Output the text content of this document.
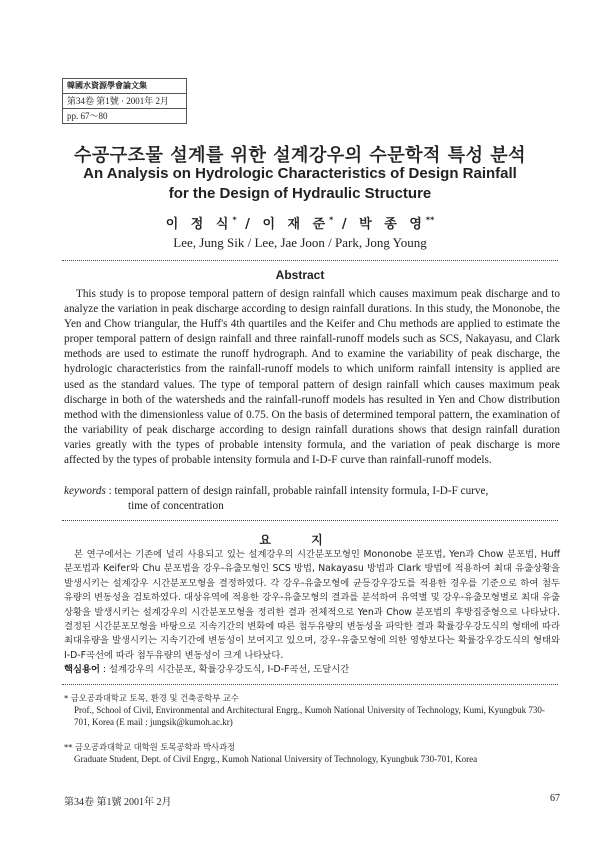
韓國水資源學會論文集
第34卷 第1號 · 2001年 2月
pp. 67～80
수공구조물 설계를 위한 설계강우의 수문학적 특성 분석
An Analysis on Hydrologic Characteristics of Design Rainfall
for the Design of Hydraulic Structure
이 정 식* / 이 재 준* / 박 종 영**
Lee, Jung Sik / Lee, Jae Joon / Park, Jong Young
Abstract
This study is to propose temporal pattern of design rainfall which causes maximum peak discharge and to analyze the variation in peak discharge according to design rainfall durations. In this study, the Mononobe, the Yen and Chow triangular, the Huff's 4th quartiles and the Keifer and Chu methods are applied to estimate the proper temporal pattern of design rainfall and three rainfall-runoff models such as SCS, Nakayasu, and Clark methods are used to estimate the runoff hydrograph. And to examine the variability of peak discharge, the hydrologic characteristics from the rainfall-runoff models to which uniform rainfall intensity is applied are used as the standard values. The type of temporal pattern of design rainfall which causes maximum peak discharge in both of the watersheds and the rainfall-runoff models has resulted in Yen and Chow distribution method with the dimensionless value of 0.75. On the basis of determined temporal pattern, the examination of the variability of peak discharge according to design rainfall durations shows that design rainfall duration varies greatly with the types of probable intensity formula, and the variation of peak discharge is more affected by the types of probable intensity formula and I-D-F curve than rainfall-runoff models.
keywords : temporal pattern of design rainfall, probable rainfall intensity formula, I-D-F curve,
time of concentration
요 지
본 연구에서는 기존에 널리 사용되고 있는 설계강우의 시간분포모형인 Mononobe 분포법, Yen과 Chow 분포법, Huff 분포법과 Keifer와 Chu 분포법을 강우-유출모형인 SCS 방법, Nakayasu 방법과 Clark 방법에 적용하여 최대 유출상황을 발생시키는 설계강우 시간분포모형을 결정하였다. 각 강우-유출모형에 균등강우강도를 적용한 경우를 기준으로 하여 첨두유량의 변동성을 검토하였다. 대상유역에 적용한 강우-유출모형의 결과를 분석하여 유역별 및 강우-유출모형별로 최대 유출상황을 발생시키는 설계강우의 시간분포모형을 정리한 결과 전체적으로 Yen과 Chow 분포법의 후방집중형으로 나타났다. 결정된 시간분포모형을 바탕으로 지속기간의 변화에 따른 첨두유량의 변동성을 파악한 결과 확률강우강도식의 형태에 따라 최대유량을 발생시키는 지속기간에 변동성이 보여지고 있으며, 강우-유출모형에 의한 영향보다는 확률강우강도식의 형태와 I-D-F곡선에 따라 첨두유량의 변동성이 크게 나타났다.
핵심용어 : 설계강우의 시간분포, 확률강우강도식, I-D-F곡선, 도달시간
* 금오공과대학교 토목, 환경 및 건축공학부 교수
Prof., School of Civil, Environmental and Architectural Engrg., Kumoh National University of Technology, Kumi, Kyungbuk 730-701, Korea (E mail : jungsik@kumoh.ac.kr)
** 금오공과대학교 대학원 토목공학과 박사과정
Graduate Student, Dept. of Civil Engrg., Kumoh National University of Technology, Kyungbuk 730-701, Korea
第34卷 第1號 2001年 2月	67
